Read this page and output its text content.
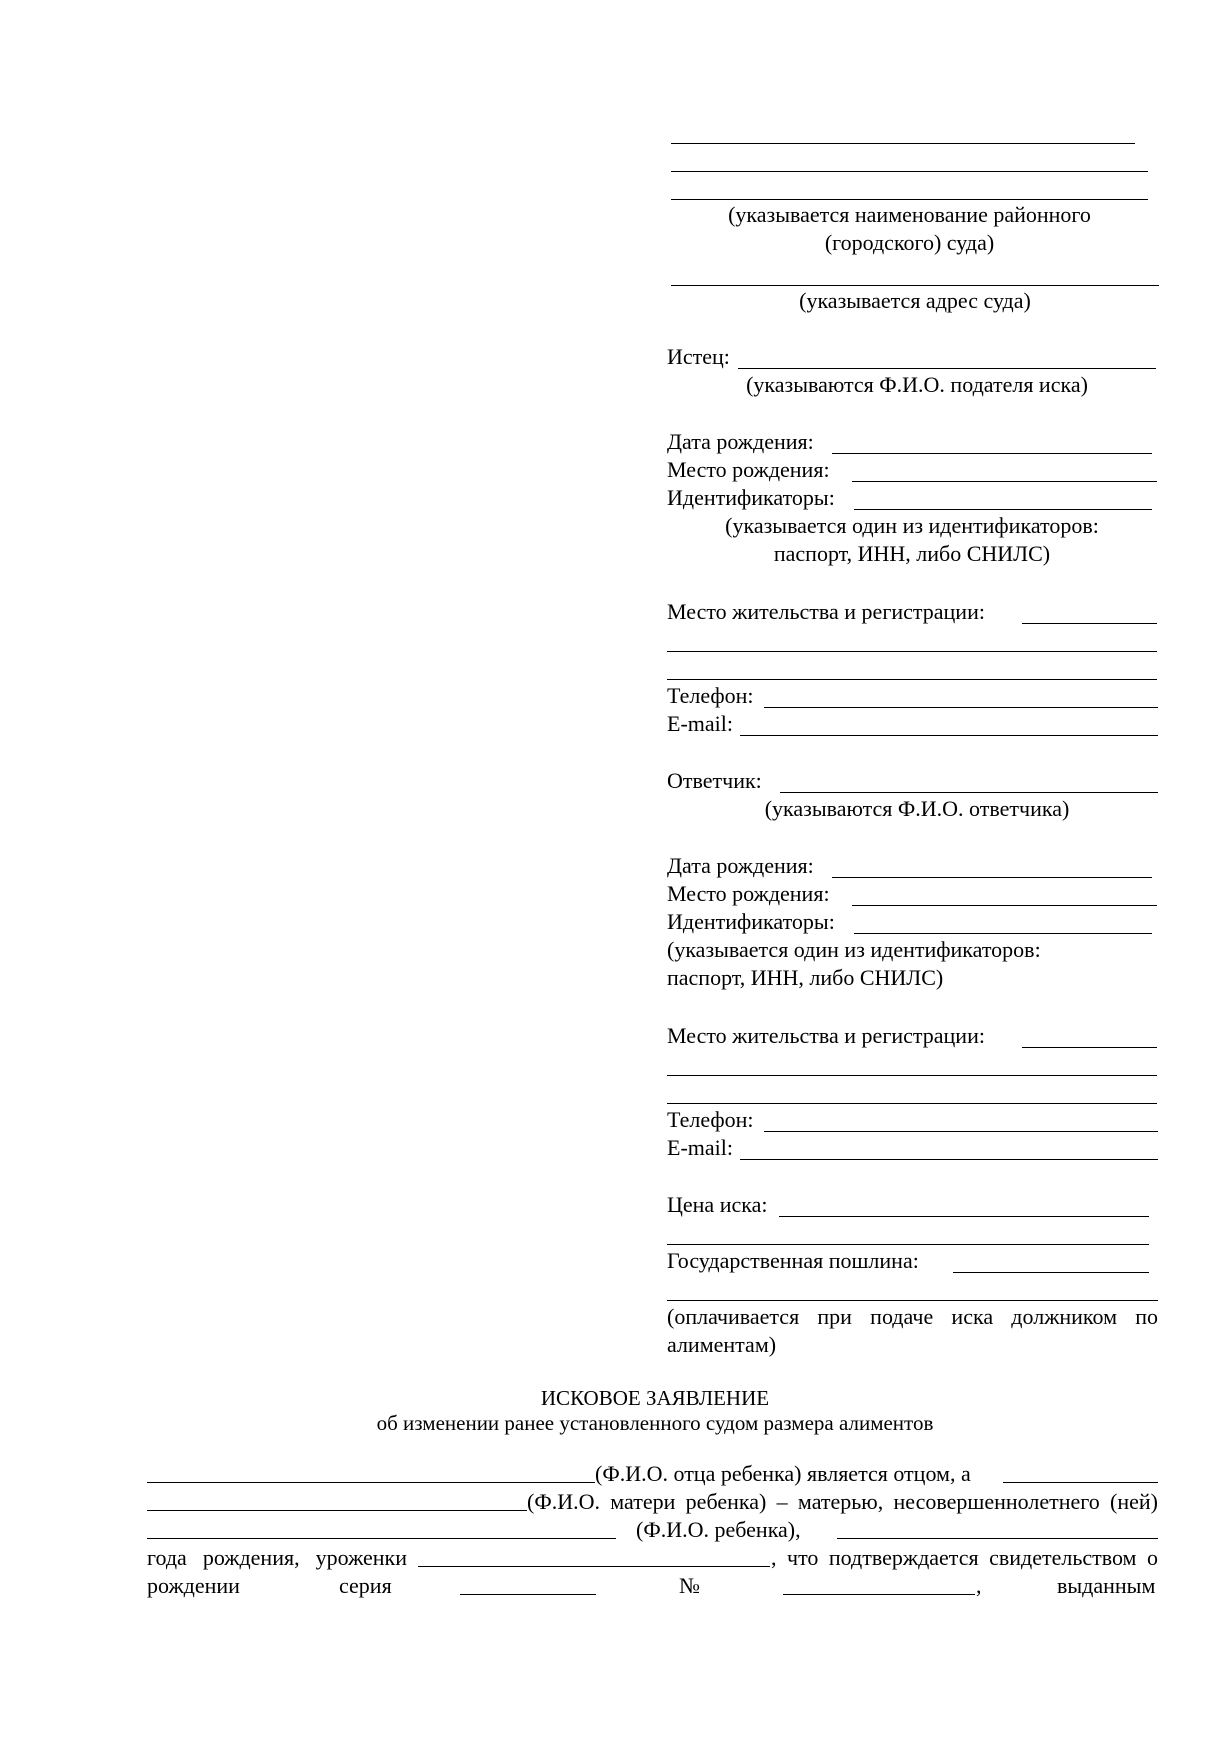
(указывается наименование районного
(городского) суда)
(указывается адрес суда)
Истец:
(указываются Ф.И.О. подателя иска)
Дата рождения:
Место рождения:
Идентификаторы:
(указывается один из идентификаторов:
паспорт, ИНН, либо СНИЛС)
Место жительства и регистрации:
Телефон:
E-mail:
Ответчик:
(указываются Ф.И.О. ответчика)
Дата рождения:
Место рождения:
Идентификаторы:
(указывается один из идентификаторов:
паспорт, ИНН, либо СНИЛС)
Место жительства и регистрации:
Телефон:
E-mail:
Цена иска:
Государственная пошлина:
(оплачивается при подаче иска должником по
алиментам)
ИСКОВОЕ ЗАЯВЛЕНИЕ
об изменении ранее установленного судом размера алиментов
(Ф.И.О. отца ребенка) является отцом, а
(Ф.И.О. матери ребенка) – матерью, несовершеннолетнего (ней)
(Ф.И.О. ребенка),
года рождения, уроженки	, что подтверждается свидетельством о
рождении	серия	№	,	выданным
